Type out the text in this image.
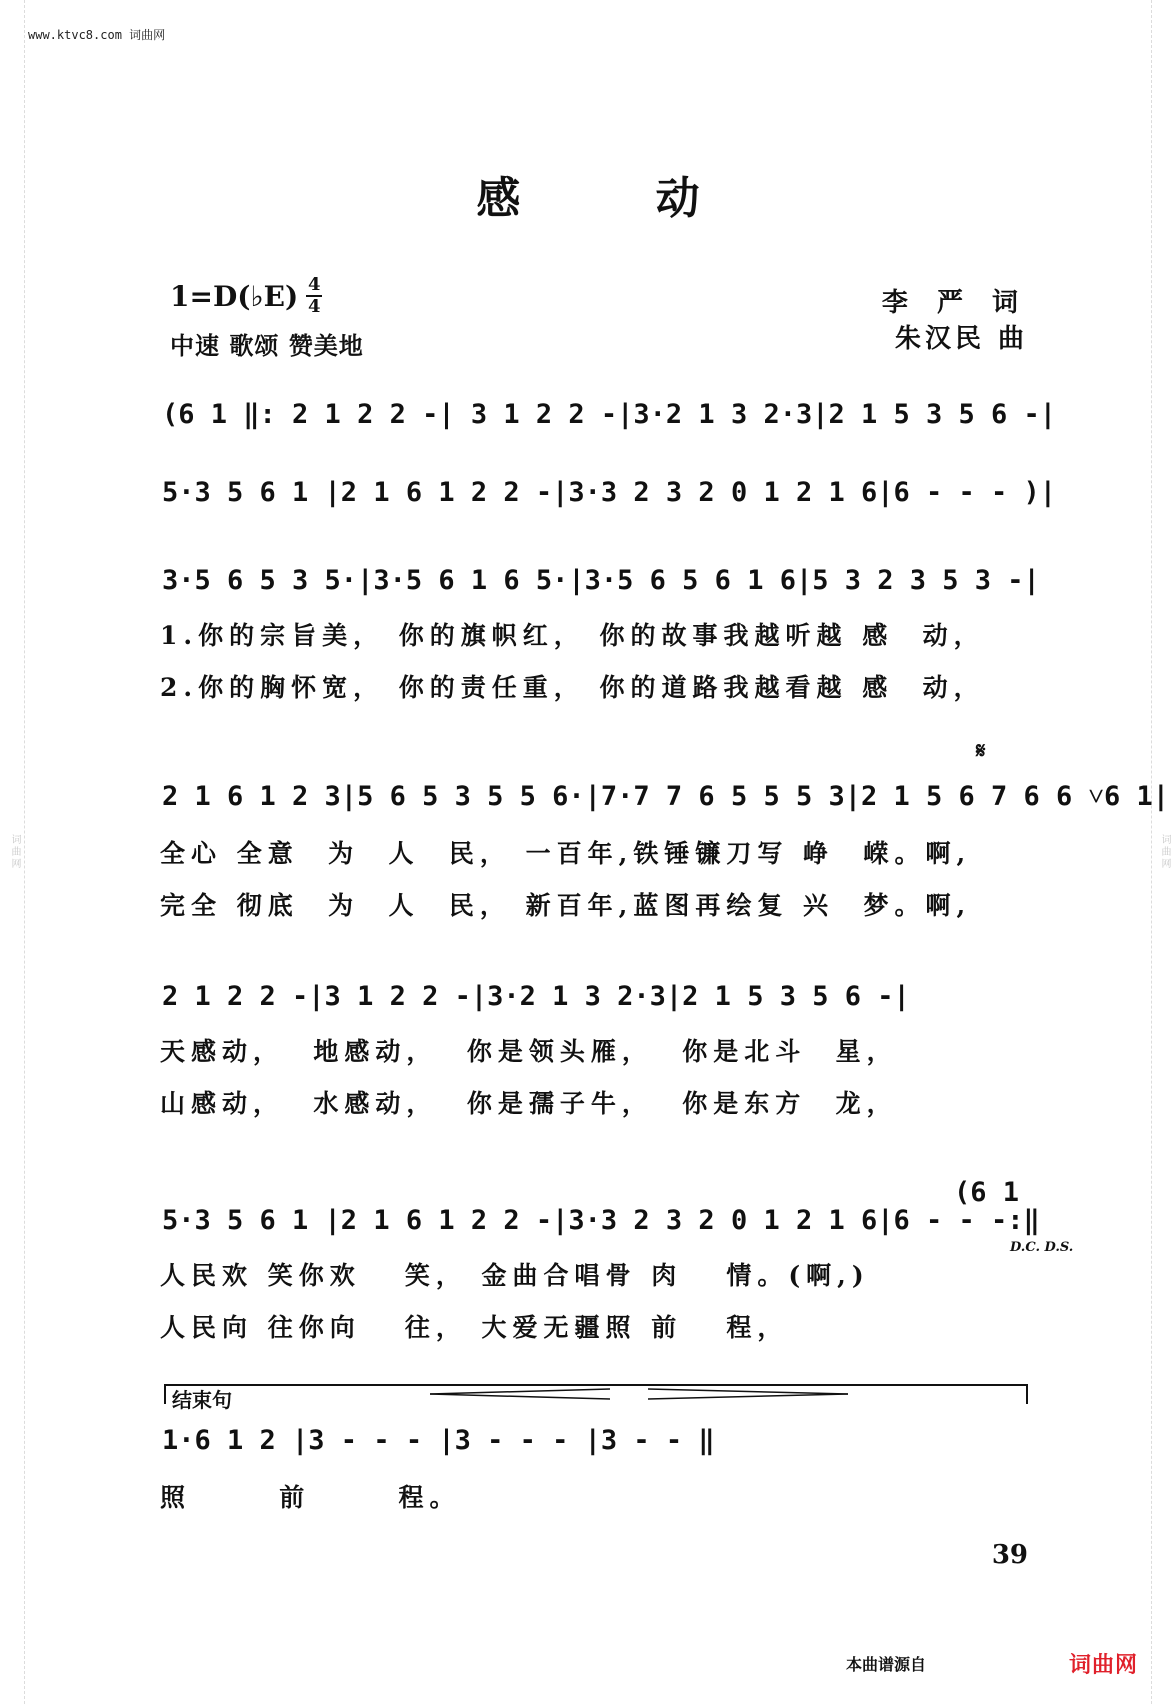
词曲网	词曲网
www.ktvc8.com 词曲网
感 动
1=D(♭E) 4
4
中速 歌颂 赞美地
李 严 词
朱汉民 曲
(6 1 ‖: 2 1 2 2 -| 3 1 2 2 -|3·2 1 3 2·3|2 1 5 3 5 6 -|
5·3 5 6 1 |2 1 6 1 2 2 -|3·3 2 3 2 0 1 2 1 6|6 - - - )|
3·5 6 5 3 5·|3·5 6 1 6 5·|3·5 6 5 6 1 6|5 3 2 3 5 3 -|
1.你的宗旨美， 你的旗帜红， 你的故事我越听越 感  动，
2.你的胸怀宽， 你的责任重， 你的道路我越看越 感  动，
𝄋
2 1 6 1 2 3|5 6 5 3 5 5 6·|7·7 7 6 5 5 5 3|2 1 5 6 7 6 6 ˅6 1|
全心 全意  为  人  民， 一百年,铁锤镰刀写 峥  嵘。啊,
完全 彻底  为  人  民， 新百年,蓝图再绘复 兴  梦。啊,
2 1 2 2 -|3 1 2 2 -|3·2 1 3 2·3|2 1 5 3 5 6 -|
天感动，  地感动，  你是领头雁，  你是北斗  星，
山感动，  水感动，  你是孺子牛，  你是东方  龙，
(6 1
5·3 5 6 1 |2 1 6 1 2 2 -|3·3 2 3 2 0 1 2 1 6|6 - - -:‖
D.C. D.S.
人民欢 笑你欢   笑， 金曲合唱骨 肉   情。(啊,)
人民向 往你向   往， 大爱无疆照 前   程，
结束句
1·6 1 2 |3 - - - |3 - - - |3 - - ‖
照      前      程。
39
本曲谱源自	词曲网
